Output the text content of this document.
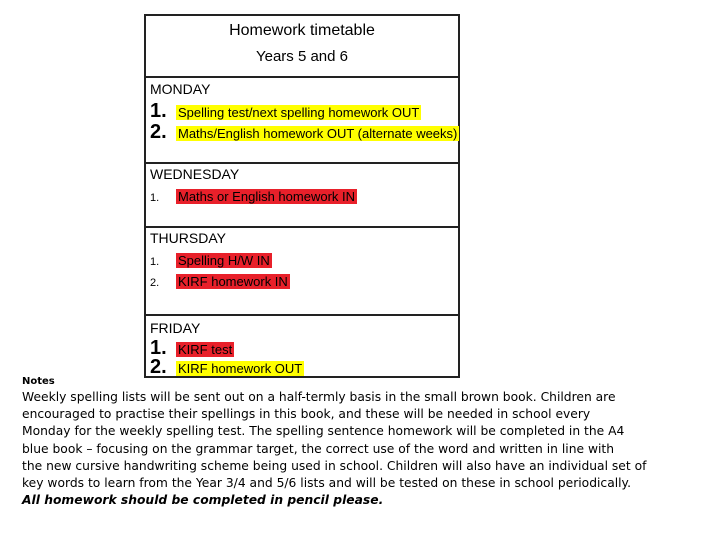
Homework timetable
Years 5 and 6
MONDAY
1. Spelling test/next spelling homework OUT
2. Maths/English homework OUT (alternate weeks)
WEDNESDAY
1. Maths or English homework IN
THURSDAY
1. Spelling H/W IN
2. KIRF homework IN
FRIDAY
1. KIRF test
2. KIRF homework OUT
Notes

Weekly spelling lists will be sent out on a half-termly basis in the small brown book. Children are

encouraged to practise their spellings in this book, and these will be needed in school every

Monday for the weekly spelling test. The spelling sentence homework will be completed in the A4

blue book – focusing on the grammar target, the correct use of the word and written in line with

the new cursive handwriting scheme being used in school. Children will also have an individual set of

key words to learn from the Year 3/4 and 5/6 lists and will be tested on these in school periodically.

All homework should be completed in pencil please.
